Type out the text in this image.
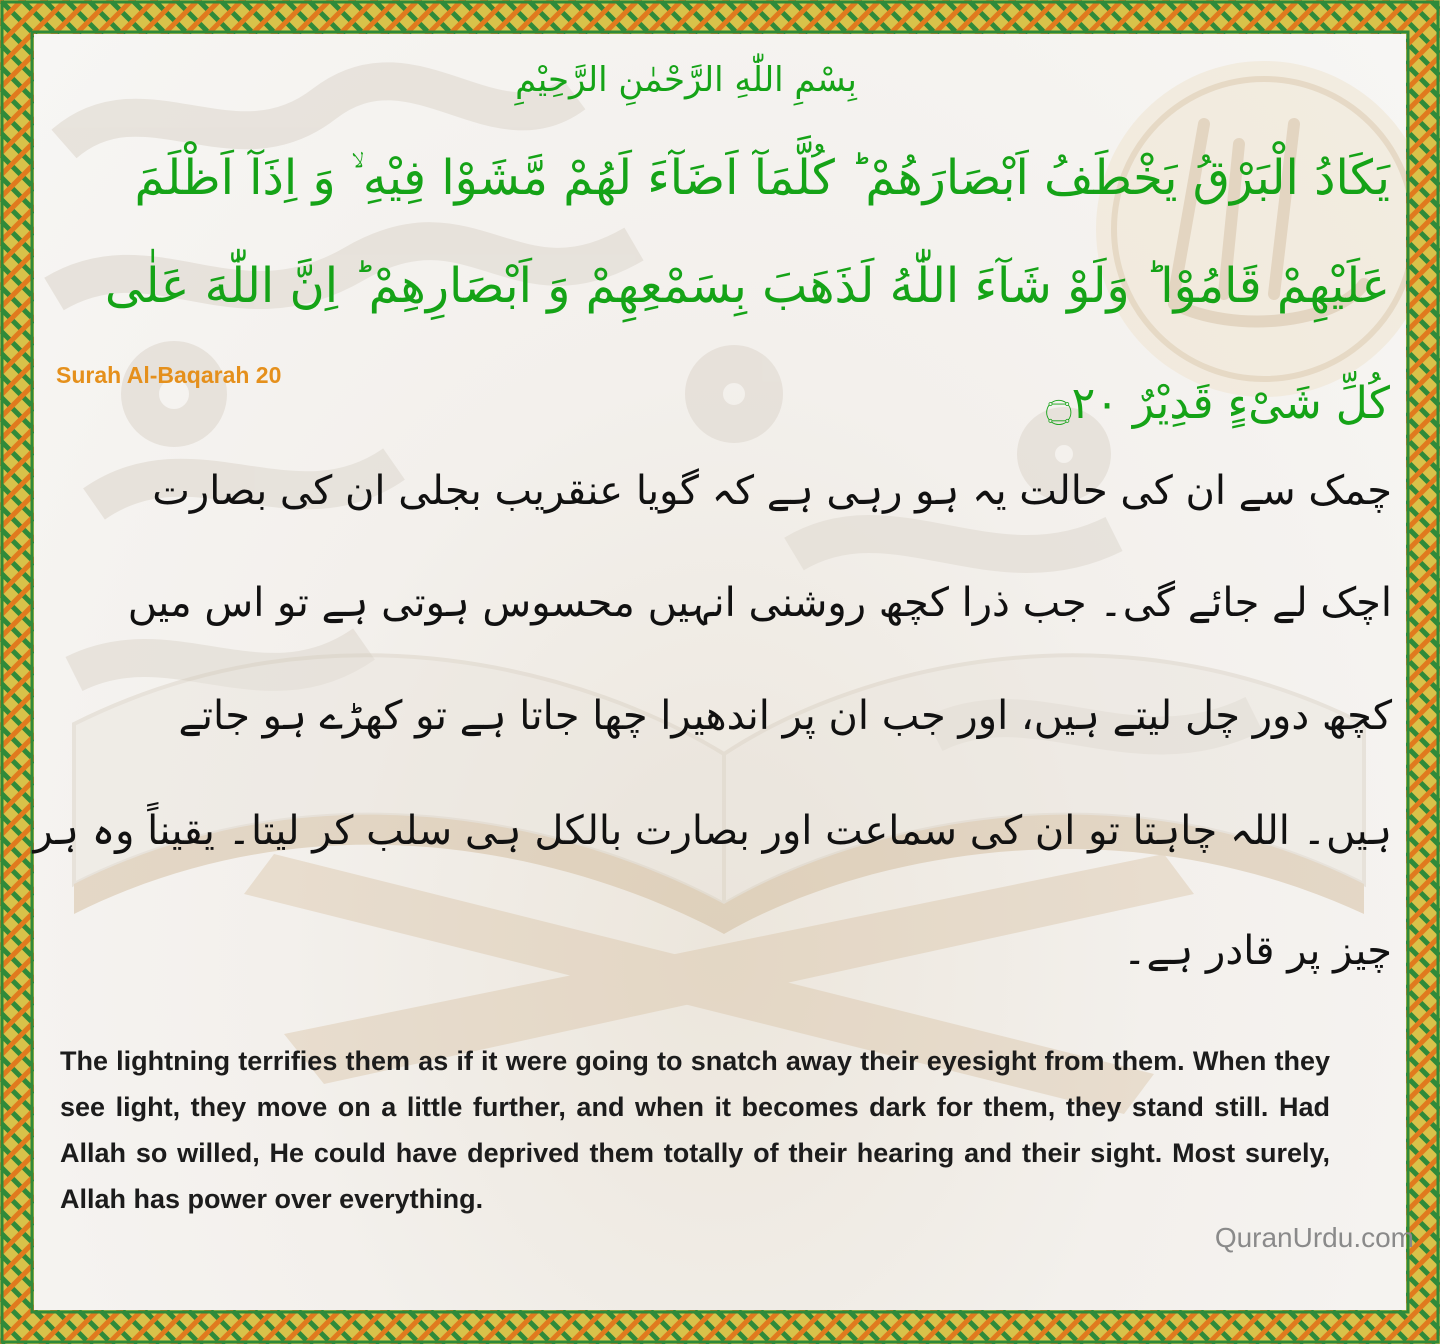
بِسْمِ اللّٰهِ الرَّحْمٰنِ الرَّحِيْمِ
يَكَادُ الْبَرْقُ يَخْطَفُ اَبْصَارَهُمْ ؕ كُلَّمَآ اَضَآءَ لَهُمْ مَّشَوْا فِيْهِ ۙ وَ اِذَآ اَظْلَمَ
عَلَيْهِمْ قَامُوْا ؕ وَلَوْ شَآءَ اللّٰهُ لَذَهَبَ بِسَمْعِهِمْ وَ اَبْصَارِهِمْ ؕ اِنَّ اللّٰهَ عَلٰى
كُلِّ شَىْءٍ قَدِيْرٌ ۝٢٠
Surah Al-Baqarah 20
چمک سے ان کی حالت یہ ہو رہی ہے کہ گویا عنقریب بجلی ان کی بصارت
اچک لے جائے گی۔ جب ذرا کچھ روشنی انہیں محسوس ہوتی ہے تو اس میں
کچھ دور چل لیتے ہیں، اور جب ان پر اندھیرا چھا جاتا ہے تو کھڑے ہو جاتے
ہیں۔ اللہ چاہتا تو ان کی سماعت اور بصارت بالکل ہی سلب کر لیتا۔ یقیناً وہ ہر
چیز پر قادر ہے۔
The lightning terrifies them as if it were going to snatch away their eyesight from them. When they see light, they move on a little further, and when it becomes dark for them, they stand still. Had Allah so willed, He could have deprived them totally of their hearing and their sight. Most surely, Allah has power over everything.
QuranUrdu.com
